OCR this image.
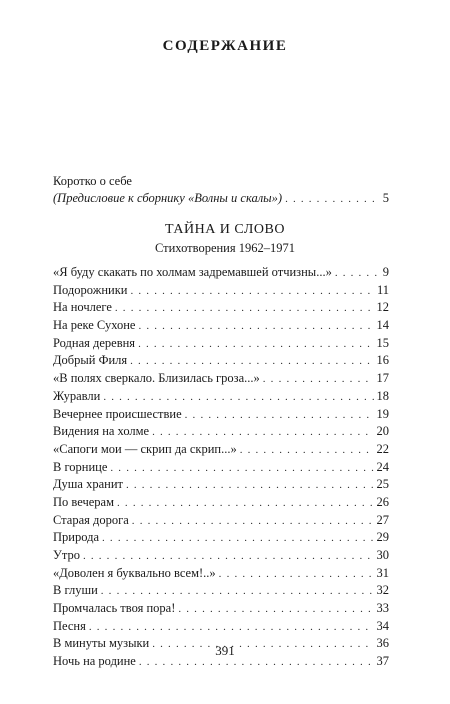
СОДЕРЖАНИЕ
Коротко о себе
(Предисловие к сборнику «Волны и скалы») . . .	5
ТАЙНА И СЛОВО
Стихотворения 1962–1971
«Я буду скакать по холмам задремавшей отчизны...» . . .	9
Подорожники . . .	11
На ночлеге . . .	12
На реке Сухоне . . .	14
Родная деревня . . .	15
Добрый Филя . . .	16
«В полях сверкало. Близилась гроза...» . . .	17
Журавли . . .	18
Вечернее происшествие . . .	19
Видения на холме . . .	20
«Сапоги мои — скрип да скрип...» . . .	22
В горнице . . .	24
Душа хранит . . .	25
По вечерам . . .	26
Старая дорога . . .	27
Природа . . .	29
Утро . . .	30
«Доволен я буквально всем!..» . . .	31
В глуши . . .	32
Промчалась твоя пора! . . .	33
Песня . . .	34
В минуты музыки . . .	36
Ночь на родине . . .	37
391
